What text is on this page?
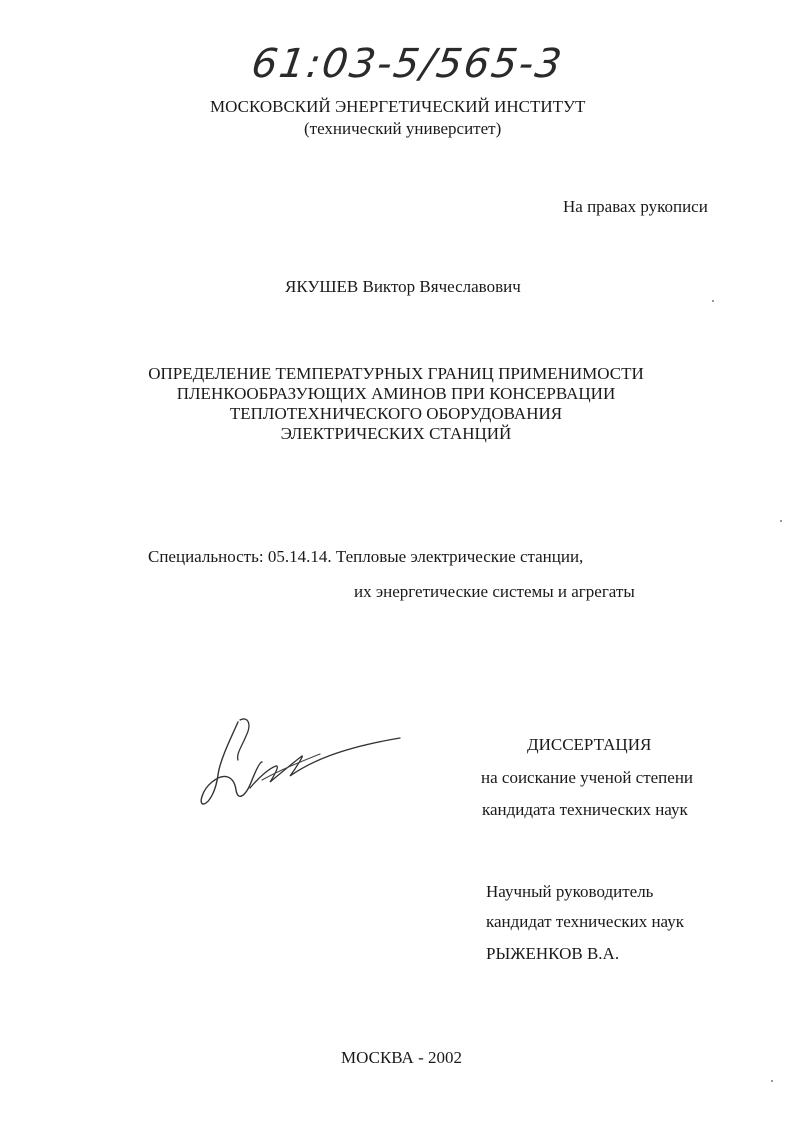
61:03-5/565-3
МОСКОВСКИЙ ЭНЕРГЕТИЧЕСКИЙ ИНСТИТУТ
(технический университет)
На правах рукописи
ЯКУШЕВ Виктор Вячеславович
ОПРЕДЕЛЕНИЕ ТЕМПЕРАТУРНЫХ ГРАНИЦ ПРИМЕНИМОСТИ
ПЛЕНКООБРАЗУЮЩИХ АМИНОВ ПРИ КОНСЕРВАЦИИ
ТЕПЛОТЕХНИЧЕСКОГО ОБОРУДОВАНИЯ
ЭЛЕКТРИЧЕСКИХ СТАНЦИЙ
Специальность: 05.14.14. Тепловые электрические станции,
их энергетические системы и агрегаты
ДИССЕРТАЦИЯ
на соискание ученой степени
кандидата технических наук
Научный руководитель
кандидат технических наук
РЫЖЕНКОВ В.А.
МОСКВА - 2002
